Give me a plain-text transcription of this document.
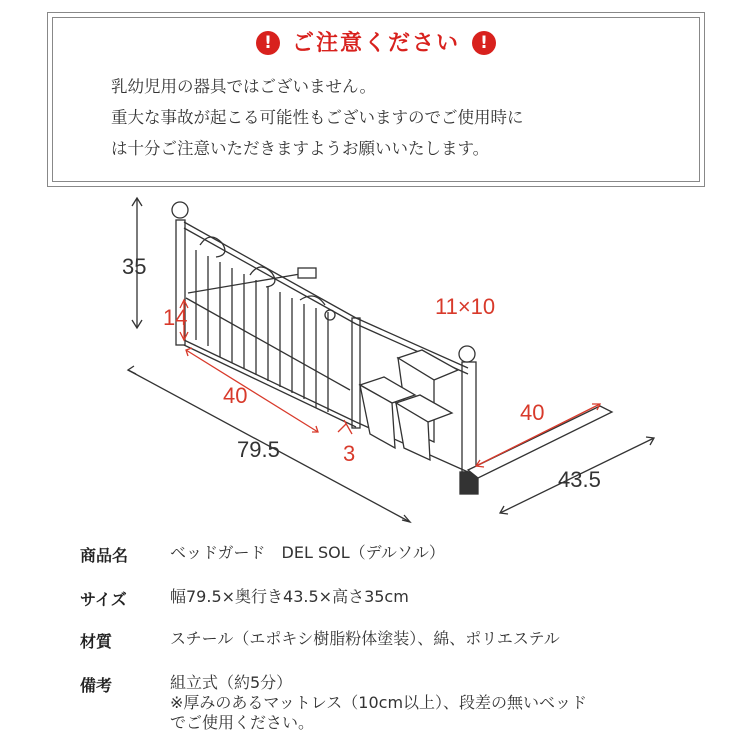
! ご注意ください !
乳幼児用の器具ではございません。
重大な事故が起こる可能性もございますのでご使用時に
は十分ご注意いただきますようお願いいたします。
35
14	11×10
40
79.5	3
40
43.5
商品名	ベッドガード　DEL SOL（デルソル）
サイズ	幅79.5×奥行き43.5×高さ35cm
材質	スチール（エポキシ樹脂粉体塗装）、綿、ポリエステル
備考	組立式（約5分）
※厚みのあるマットレス（10cm以上）、段差の無いベッド
でご使用ください。
